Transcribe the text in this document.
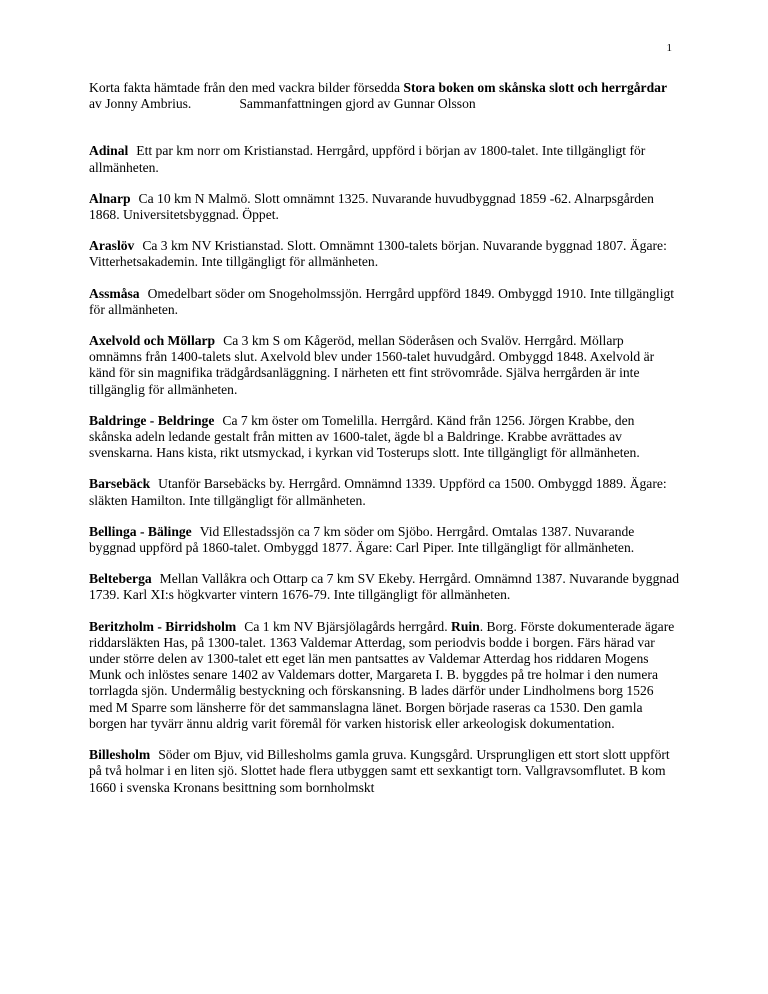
1

Korta fakta hämtade från den med vackra bilder försedda Stora boken om skånska slott och herrgårdar av Jonny Ambrius.	Sammanfattningen gjord av Gunnar Olsson

Adinal Ett par km norr om Kristianstad. Herrgård, uppförd i början av 1800-talet. Inte tillgängligt för allmänheten.

Alnarp Ca 10 km N Malmö. Slott omnämnt 1325. Nuvarande huvudbyggnad 1859 -62. Alnarpsgården 1868. Universitetsbyggnad. Öppet.

Araslöv Ca 3 km NV Kristianstad. Slott. Omnämnt 1300-talets början. Nuvarande byggnad 1807. Ägare: Vitterhetsakademin. Inte tillgängligt för allmänheten.

Assmåsa Omedelbart söder om Snogeholmssjön. Herrgård uppförd 1849. Ombyggd 1910. Inte tillgängligt för allmänheten.

Axelvold och Möllarp Ca 3 km S om Kågeröd, mellan Söderåsen och Svalöv. Herrgård. Möllarp omnämns från 1400-talets slut. Axelvold blev under 1560-talet huvudgård. Ombyggd 1848. Axelvold är känd för sin magnifika trädgårdsanläggning. I närheten ett fint strövområde. Själva herrgården är inte tillgänglig för allmänheten.

Baldringe - Beldringe Ca 7 km öster om Tomelilla. Herrgård. Känd från 1256. Jörgen Krabbe, den skånska adeln ledande gestalt från mitten av 1600-talet, ägde bl a Baldringe. Krabbe avrättades av svenskarna. Hans kista, rikt utsmyckad, i kyrkan vid Tosterups slott. Inte tillgängligt för allmänheten.

Barsebäck Utanför Barsebäcks by. Herrgård. Omnämnd 1339. Uppförd ca 1500. Ombyggd 1889. Ägare: släkten Hamilton. Inte tillgängligt för allmänheten.

Bellinga - Bälinge Vid Ellestadssjön ca 7 km söder om Sjöbo. Herrgård. Omtalas 1387. Nuvarande byggnad uppförd på 1860-talet. Ombyggd 1877. Ägare: Carl Piper. Inte tillgängligt för allmänheten.

Belteberga Mellan Vallåkra och Ottarp ca 7 km SV Ekeby. Herrgård. Omnämnd 1387. Nuvarande byggnad 1739. Karl XI:s högkvarter vintern 1676-79. Inte tillgängligt för allmänheten.

Beritzholm - Birridsholm Ca 1 km NV Bjärsjölagårds herrgård. Ruin. Borg. Förste dokumenterade ägare riddarsläkten Has, på 1300-talet. 1363 Valdemar Atterdag, som periodvis bodde i borgen. Färs härad var under större delen av 1300-talet ett eget län men pantsattes av Valdemar Atterdag hos riddaren Mogens Munk och inlöstes senare 1402 av Valdemars dotter, Margareta I. B. byggdes på tre holmar i den numera torrlagda sjön. Undermålig bestyckning och förskansning. B lades därför under Lindholmens borg 1526 med M Sparre som länsherre för det sammanslagna länet. Borgen började raseras ca 1530. Den gamla borgen har tyvärr ännu aldrig varit föremål för varken historisk eller arkeologisk dokumentation.

Billesholm Söder om Bjuv, vid Billesholms gamla gruva. Kungsgård. Ursprungligen ett stort slott uppfört på två holmar i en liten sjö. Slottet hade flera utbyggen samt ett sexkantigt torn. Vallgravsomflutet. B kom 1660 i svenska Kronans besittning som bornholmskt
